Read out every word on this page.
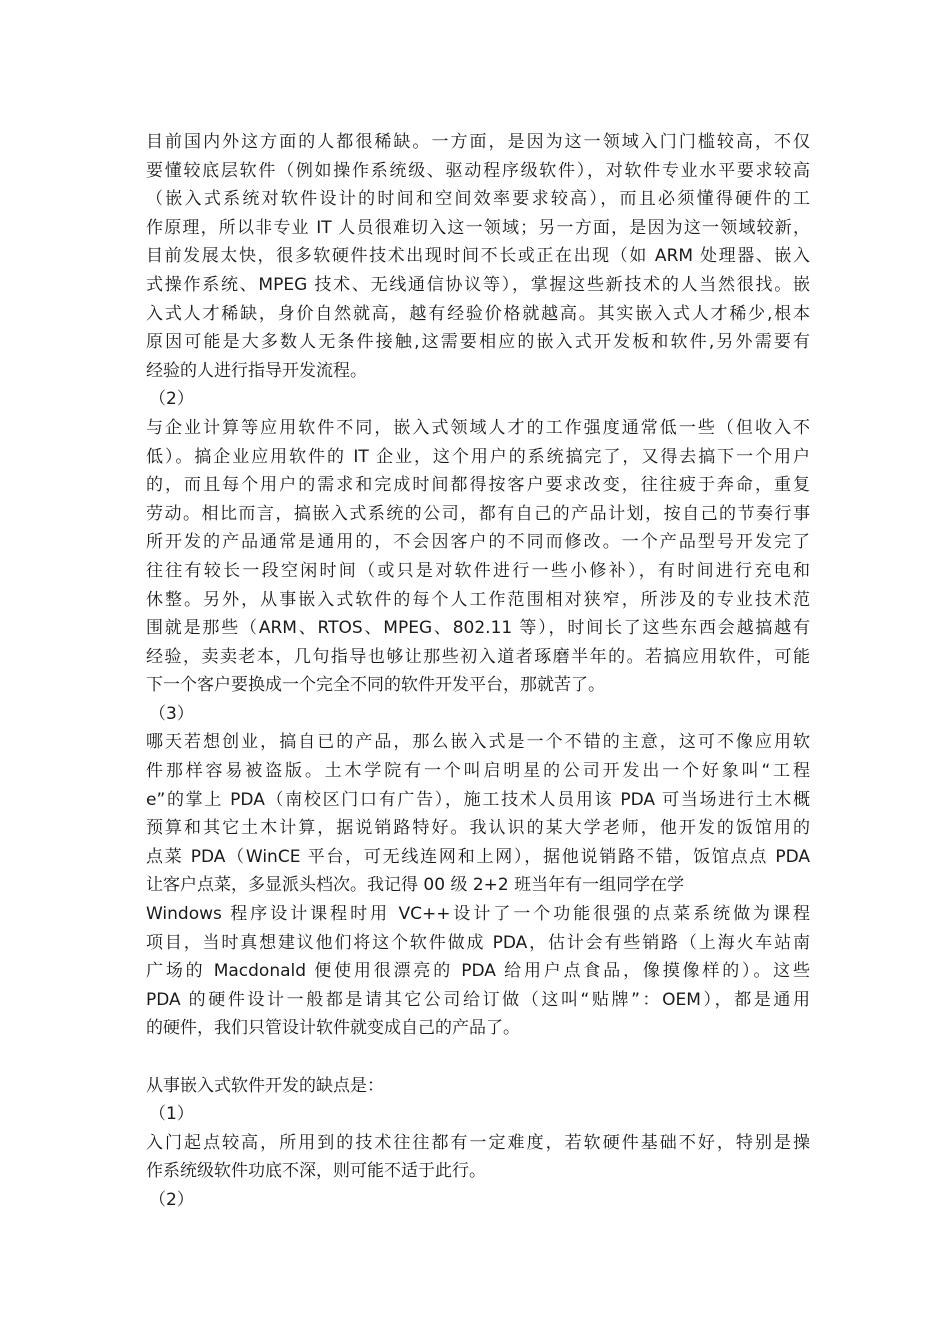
目前国内外这方面的人都很稀缺。一方面，是因为这一领域入门门槛较高，不仅
要懂较底层软件（例如操作系统级、驱动程序级软件），对软件专业水平要求较高
（嵌入式系统对软件设计的时间和空间效率要求较高），而且必须懂得硬件的工
作原理，所以非专业 IT 人员很难切入这一领域；另一方面，是因为这一领域较新，
目前发展太快，很多软硬件技术出现时间不长或正在出现（如 ARM 处理器、嵌入
式操作系统、MPEG 技术、无线通信协议等），掌握这些新技术的人当然很找。嵌
入式人才稀缺，身价自然就高，越有经验价格就越高。其实嵌入式人才稀少,根本
原因可能是大多数人无条件接触,这需要相应的嵌入式开发板和软件,另外需要有
经验的人进行指导开发流程。
（2）
与企业计算等应用软件不同，嵌入式领域人才的工作强度通常低一些（但收入不
低）。搞企业应用软件的 IT 企业，这个用户的系统搞完了，又得去搞下一个用户
的，而且每个用户的需求和完成时间都得按客户要求改变，往往疲于奔命，重复
劳动。相比而言，搞嵌入式系统的公司，都有自己的产品计划，按自己的节奏行事
所开发的产品通常是通用的，不会因客户的不同而修改。一个产品型号开发完了
往往有较长一段空闲时间（或只是对软件进行一些小修补），有时间进行充电和
休整。另外，从事嵌入式软件的每个人工作范围相对狭窄，所涉及的专业技术范
围就是那些（ARM、RTOS、MPEG、802.11 等），时间长了这些东西会越搞越有
经验，卖卖老本，几句指导也够让那些初入道者琢磨半年的。若搞应用软件，可能
下一个客户要换成一个完全不同的软件开发平台，那就苦了。
（3）
哪天若想创业，搞自已的产品，那么嵌入式是一个不错的主意，这可不像应用软
件那样容易被盗版。土木学院有一个叫启明星的公司开发出一个好象叫“工程
e”的掌上 PDA（南校区门口有广告），施工技术人员用该 PDA 可当场进行土木概
预算和其它土木计算，据说销路特好。我认识的某大学老师，他开发的饭馆用的
点菜 PDA（WinCE 平台，可无线连网和上网），据他说销路不错，饭馆点点 PDA
让客户点菜，多显派头档次。我记得 00 级 2+2 班当年有一组同学在学
Windows 程序设计课程时用 VC++设计了一个功能很强的点菜系统做为课程
项目，当时真想建议他们将这个软件做成 PDA，估计会有些销路（上海火车站南
广场的 Macdonald 便使用很漂亮的 PDA 给用户点食品，像摸像样的）。这些
PDA 的硬件设计一般都是请其它公司给订做（这叫“贴牌”：OEM），都是通用
的硬件，我们只管设计软件就变成自己的产品了。
从事嵌入式软件开发的缺点是：
（1）
入门起点较高，所用到的技术往往都有一定难度，若软硬件基础不好，特别是操
作系统级软件功底不深，则可能不适于此行。
（2）
